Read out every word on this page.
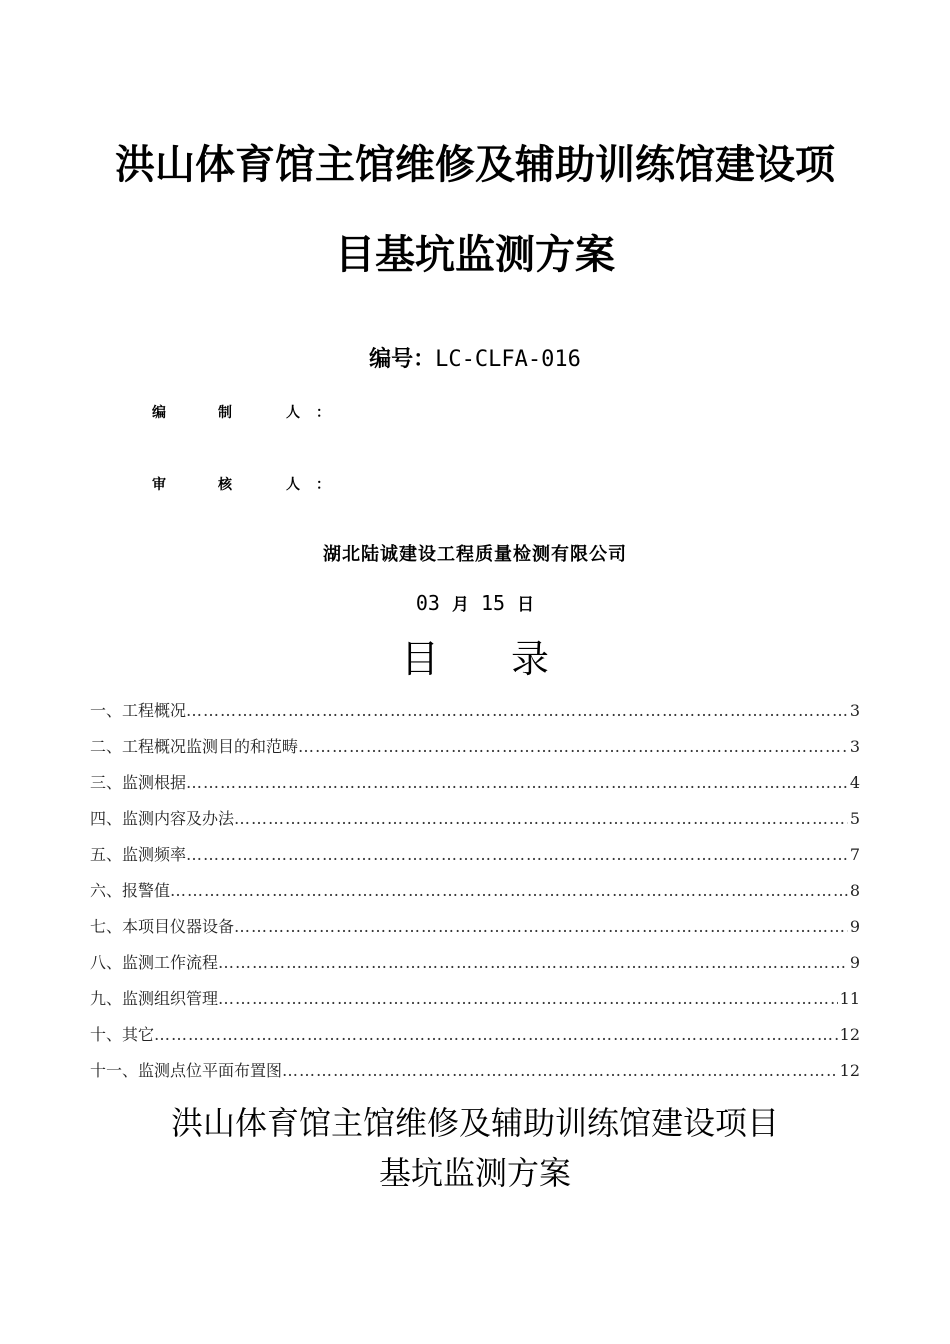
洪山体育馆主馆维修及辅助训练馆建设项
目基坑监测方案
编号：LC-CLFA-016
编	制	人 ：
审	核	人 ：
湖北陆诚建设工程质量检测有限公司
03 月 15 日
目 录
一、工程概况 …………………………………………………………………………………………………………………………………………………………	3
二、工程概况监测目的和范畴 …………………………………………………………………………………………………………………………………………………………	3
三、监测根据 …………………………………………………………………………………………………………………………………………………………	4
四、监测内容及办法 …………………………………………………………………………………………………………………………………………………………	5
五、监测频率 …………………………………………………………………………………………………………………………………………………………	7
六、报警值 …………………………………………………………………………………………………………………………………………………………	8
七、本项目仪器设备 …………………………………………………………………………………………………………………………………………………………	9
八、监测工作流程 …………………………………………………………………………………………………………………………………………………………	9
九、监测组织管理 …………………………………………………………………………………………………………………………………………………………	11
十、其它 …………………………………………………………………………………………………………………………………………………………	12
十一、监测点位平面布置图 …………………………………………………………………………………………………………………………………………………………	12
洪山体育馆主馆维修及辅助训练馆建设项目
基坑监测方案
